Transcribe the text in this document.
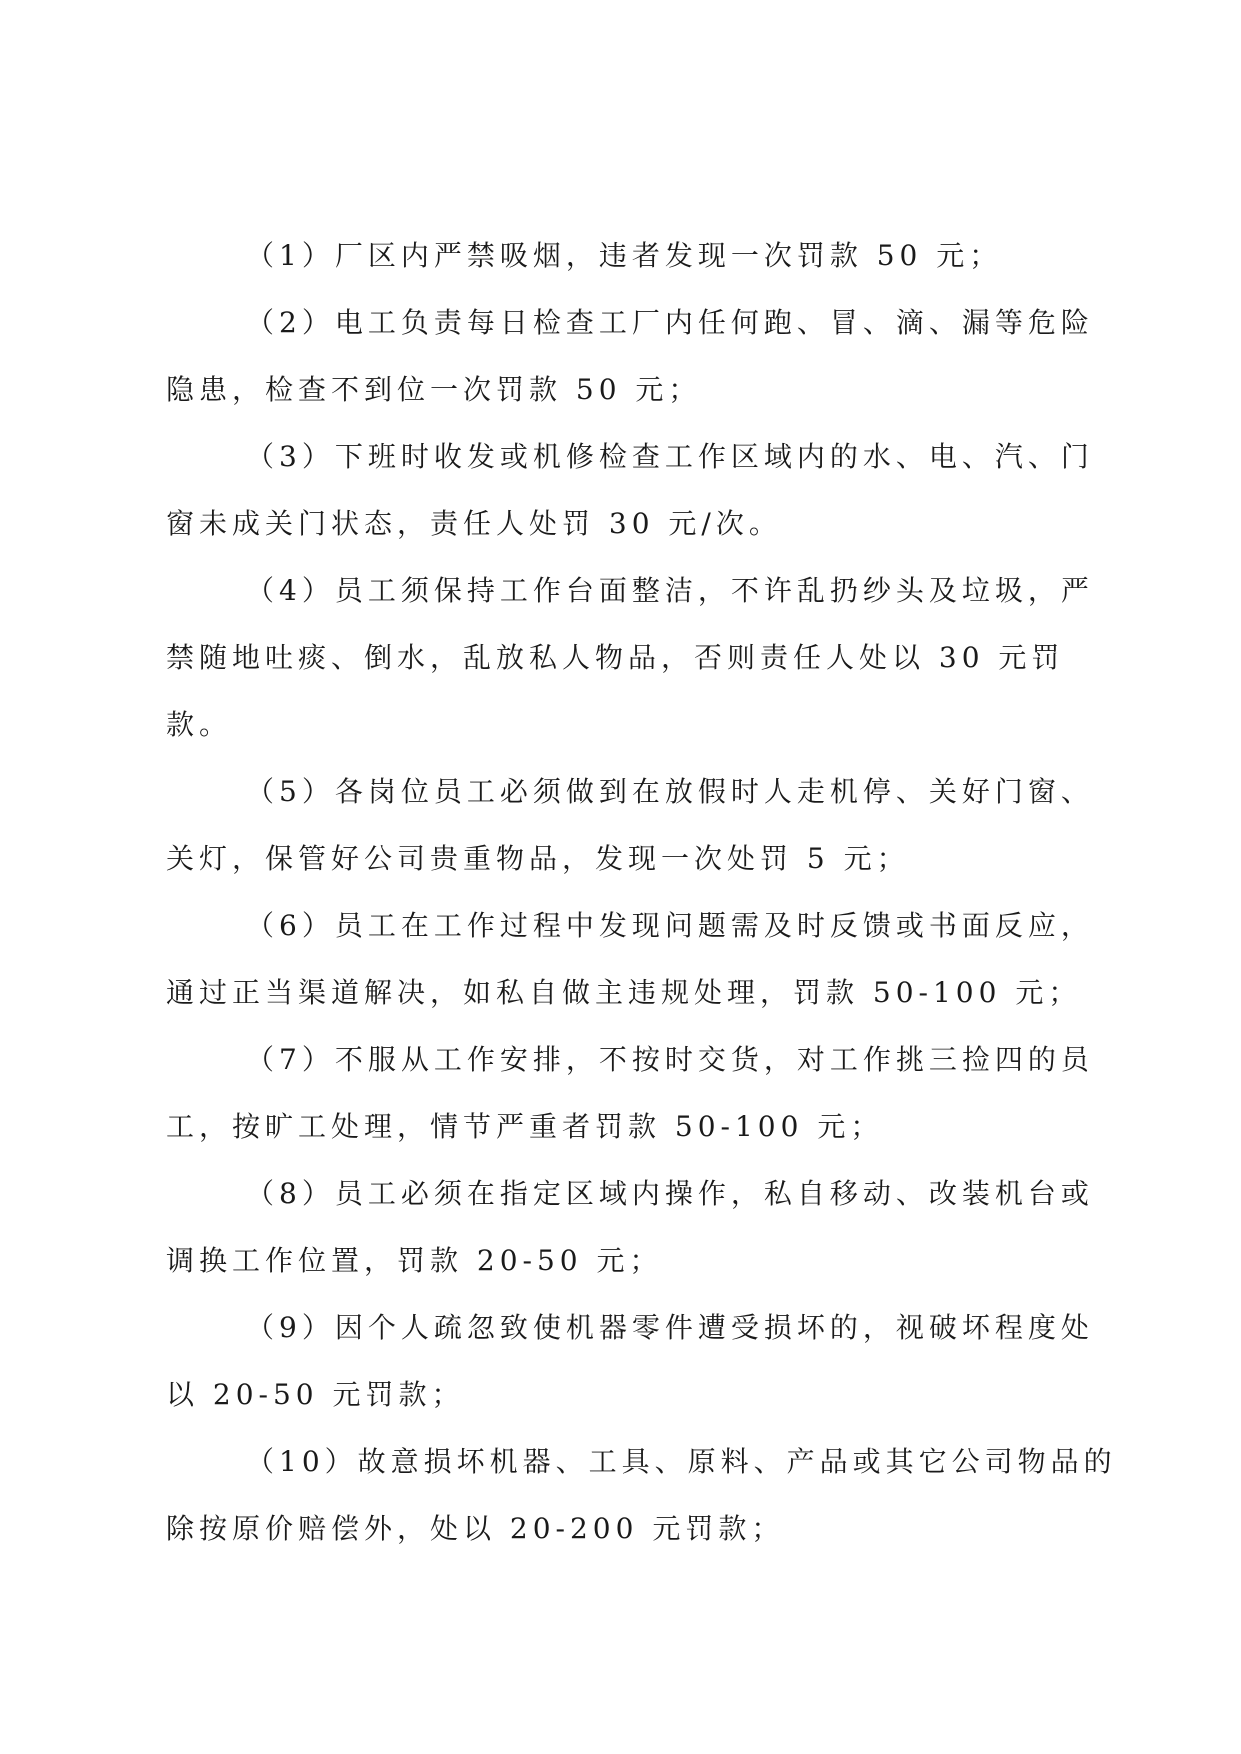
（1）厂区内严禁吸烟，违者发现一次罚款 50 元；
（2）电工负责每日检查工厂内任何跑、冒、滴、漏等危险
隐患，检查不到位一次罚款 50 元；
（3）下班时收发或机修检查工作区域内的水、电、汽、门
窗未成关门状态，责任人处罚 30 元/次。
（4）员工须保持工作台面整洁，不许乱扔纱头及垃圾，严
禁随地吐痰、倒水，乱放私人物品，否则责任人处以 30 元罚
款。
（5）各岗位员工必须做到在放假时人走机停、关好门窗、
关灯，保管好公司贵重物品，发现一次处罚 5 元；
（6）员工在工作过程中发现问题需及时反馈或书面反应，
通过正当渠道解决，如私自做主违规处理，罚款 50-100 元；
（7）不服从工作安排，不按时交货，对工作挑三捡四的员
工，按旷工处理，情节严重者罚款 50-100 元；
（8）员工必须在指定区域内操作，私自移动、改装机台或
调换工作位置，罚款 20-50 元；
（9）因个人疏忽致使机器零件遭受损坏的，视破坏程度处
以 20-50 元罚款；
（10）故意损坏机器、工具、原料、产品或其它公司物品的
除按原价赔偿外，处以 20-200 元罚款；
